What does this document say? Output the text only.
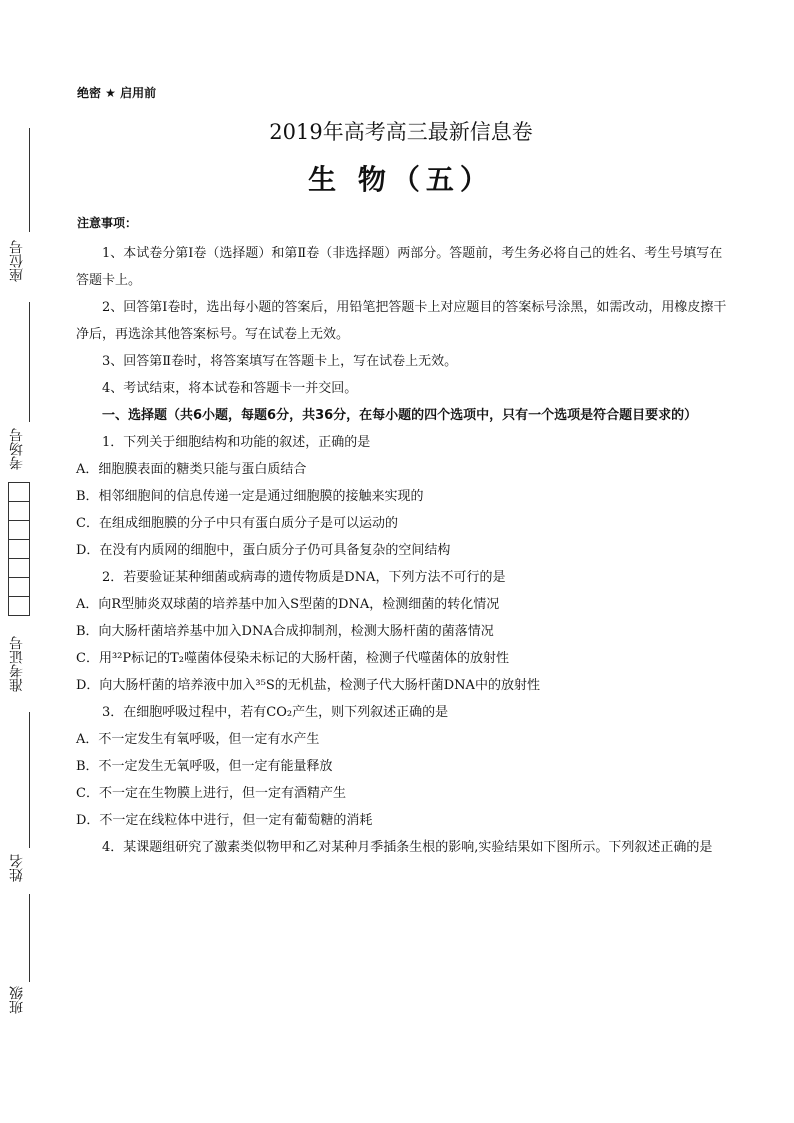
座位号
考场号
准考证号
姓名
班级
绝密 ★ 启用前
2019年高考高三最新信息卷
生 物（五）
注意事项：

1、本试卷分第Ⅰ卷（选择题）和第Ⅱ卷（非选择题）两部分。答题前，考生务必将自己的姓名、考生号填写在答题卡上。

2、回答第Ⅰ卷时，选出每小题的答案后，用铅笔把答题卡上对应题目的答案标号涂黑，如需改动，用橡皮擦干净后，再选涂其他答案标号。写在试卷上无效。

3、回答第Ⅱ卷时，将答案填写在答题卡上，写在试卷上无效。

4、考试结束，将本试卷和答题卡一并交回。

一、选择题（共6小题，每题6分，共36分，在每小题的四个选项中，只有一个选项是符合题目要求的）

1．下列关于细胞结构和功能的叙述，正确的是

A．细胞膜表面的糖类只能与蛋白质结合

B．相邻细胞间的信息传递一定是通过细胞膜的接触来实现的

C．在组成细胞膜的分子中只有蛋白质分子是可以运动的

D．在没有内质网的细胞中，蛋白质分子仍可具备复杂的空间结构

2．若要验证某种细菌或病毒的遗传物质是DNA，下列方法不可行的是

A．向R型肺炎双球菌的培养基中加入S型菌的DNA，检测细菌的转化情况

B．向大肠杆菌培养基中加入DNA合成抑制剂，检测大肠杆菌的菌落情况

C．用³²P标记的T₂噬菌体侵染未标记的大肠杆菌，检测子代噬菌体的放射性

D．向大肠杆菌的培养液中加入³⁵S的无机盐，检测子代大肠杆菌DNA中的放射性

3．在细胞呼吸过程中，若有CO₂产生，则下列叙述正确的是

A．不一定发生有氧呼吸，但一定有水产生

B．不一定发生无氧呼吸，但一定有能量释放

C．不一定在生物膜上进行，但一定有酒精产生

D．不一定在线粒体中进行，但一定有葡萄糖的消耗

4．某课题组研究了激素类似物甲和乙对某种月季插条生根的影响,实验结果如下图所示。下列叙述正确的是
